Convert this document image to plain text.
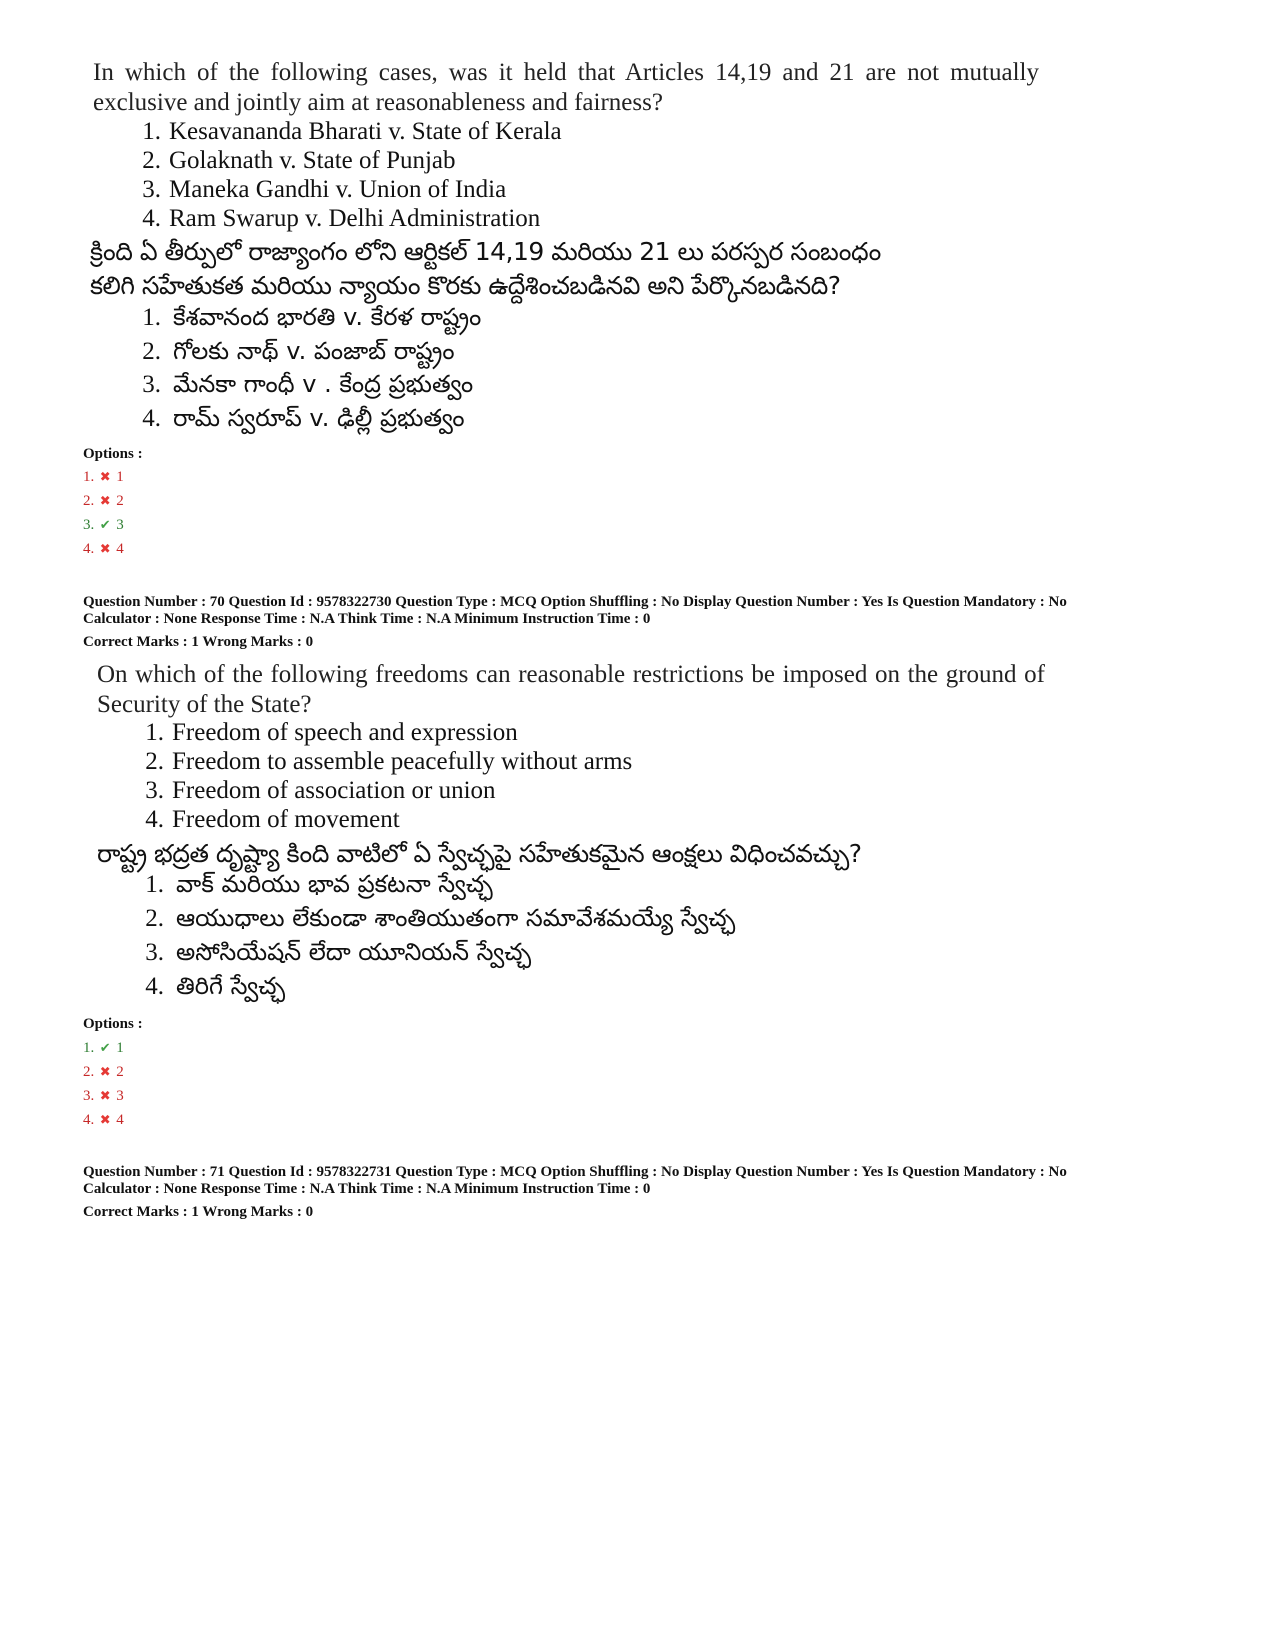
In which of the following cases, was it held that Articles 14,19 and 21 are not mutually
exclusive and jointly aim at reasonableness and fairness?
1. Kesavananda Bharati v. State of Kerala
2. Golaknath v. State of Punjab
3. Maneka Gandhi v. Union of India
4. Ram Swarup v. Delhi Administration
క్రింది ఏ తీర్పులో రాజ్యాంగం లోని ఆర్టికల్ 14,19 మరియు 21 లు పరస్పర సంబంధం
కలిగి సహేతుకత మరియు న్యాయం కొరకు ఉద్దేశించబడినవి అని పేర్కొనబడినది?
1. కేశవానంద భారతి v. కేరళ రాష్ట్రం
2. గోలకు నాథ్ v. పంజాబ్ రాష్ట్రం
3. మేనకా గాంధీ v . కేంద్ర ప్రభుత్వం
4. రామ్ స్వరూప్ v. ఢిల్లీ ప్రభుత్వం
Options :
1. ✖ 1
2. ✖ 2
3. ✔ 3
4. ✖ 4
Question Number : 70 Question Id : 9578322730 Question Type : MCQ Option Shuffling : No Display Question Number : Yes Is Question Mandatory : No
Calculator : None Response Time : N.A Think Time : N.A Minimum Instruction Time : 0
Correct Marks : 1 Wrong Marks : 0
On which of the following freedoms can reasonable restrictions be imposed on the ground of
Security of the State?
1. Freedom of speech and expression
2. Freedom to assemble peacefully without arms
3. Freedom of association or union
4. Freedom of movement
రాష్ట్ర భద్రత దృష్ట్యా కింది వాటిలో ఏ స్వేచ్ఛపై సహేతుకమైన ఆంక్షలు విధించవచ్చు?
1. వాక్ మరియు భావ ప్రకటనా స్వేచ్ఛ
2. ఆయుధాలు లేకుండా శాంతియుతంగా సమావేశమయ్యే స్వేచ్ఛ
3. అసోసియేషన్ లేదా యూనియన్ స్వేచ్ఛ
4. తిరిగే స్వేచ్ఛ
Options :
1. ✔ 1
2. ✖ 2
3. ✖ 3
4. ✖ 4
Question Number : 71 Question Id : 9578322731 Question Type : MCQ Option Shuffling : No Display Question Number : Yes Is Question Mandatory : No
Calculator : None Response Time : N.A Think Time : N.A Minimum Instruction Time : 0
Correct Marks : 1 Wrong Marks : 0
